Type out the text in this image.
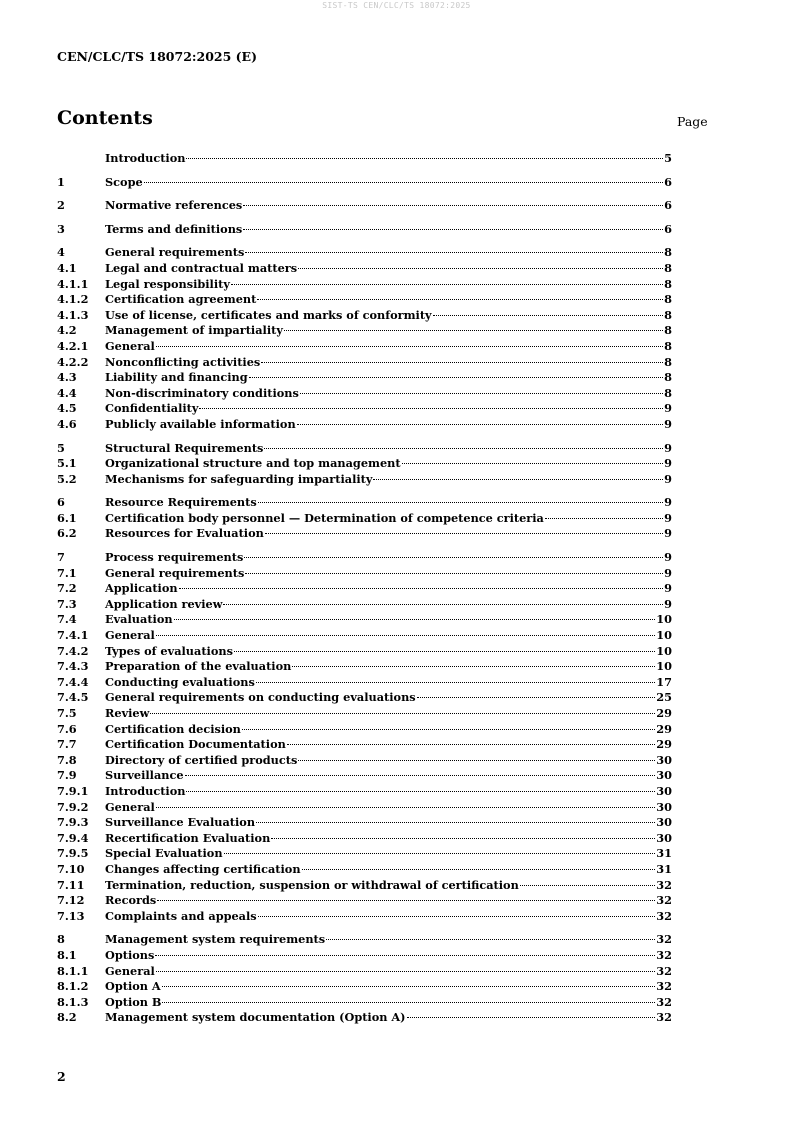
SIST-TS CEN/CLC/TS 18072:2025
CEN/CLC/TS 18072:2025 (E)
Contents	Page
Introduction	5
1	Scope	6
2	Normative references	6
3	Terms and definitions	6
4	General requirements	8
4.1	Legal and contractual matters	8
4.1.1	Legal responsibility	8
4.1.2	Certification agreement	8
4.1.3	Use of license, certificates and marks of conformity	8
4.2	Management of impartiality	8
4.2.1	General	8
4.2.2	Nonconflicting activities	8
4.3	Liability and financing	8
4.4	Non-discriminatory conditions	8
4.5	Confidentiality	9
4.6	Publicly available information	9
5	Structural Requirements	9
5.1	Organizational structure and top management	9
5.2	Mechanisms for safeguarding impartiality	9
6	Resource Requirements	9
6.1	Certification body personnel — Determination of competence criteria	9
6.2	Resources for Evaluation	9
7	Process requirements	9
7.1	General requirements	9
7.2	Application	9
7.3	Application review	9
7.4	Evaluation	10
7.4.1	General	10
7.4.2	Types of evaluations	10
7.4.3	Preparation of the evaluation	10
7.4.4	Conducting evaluations	17
7.4.5	General requirements on conducting evaluations	25
7.5	Review	29
7.6	Certification decision	29
7.7	Certification Documentation	29
7.8	Directory of certified products	30
7.9	Surveillance	30
7.9.1	Introduction	30
7.9.2	General	30
7.9.3	Surveillance Evaluation	30
7.9.4	Recertification Evaluation	30
7.9.5	Special Evaluation	31
7.10	Changes affecting certification	31
7.11	Termination, reduction, suspension or withdrawal of certification	32
7.12	Records	32
7.13	Complaints and appeals	32
8	Management system requirements	32
8.1	Options	32
8.1.1	General	32
8.1.2	Option A	32
8.1.3	Option B	32
8.2	Management system documentation (Option A)	32
2
